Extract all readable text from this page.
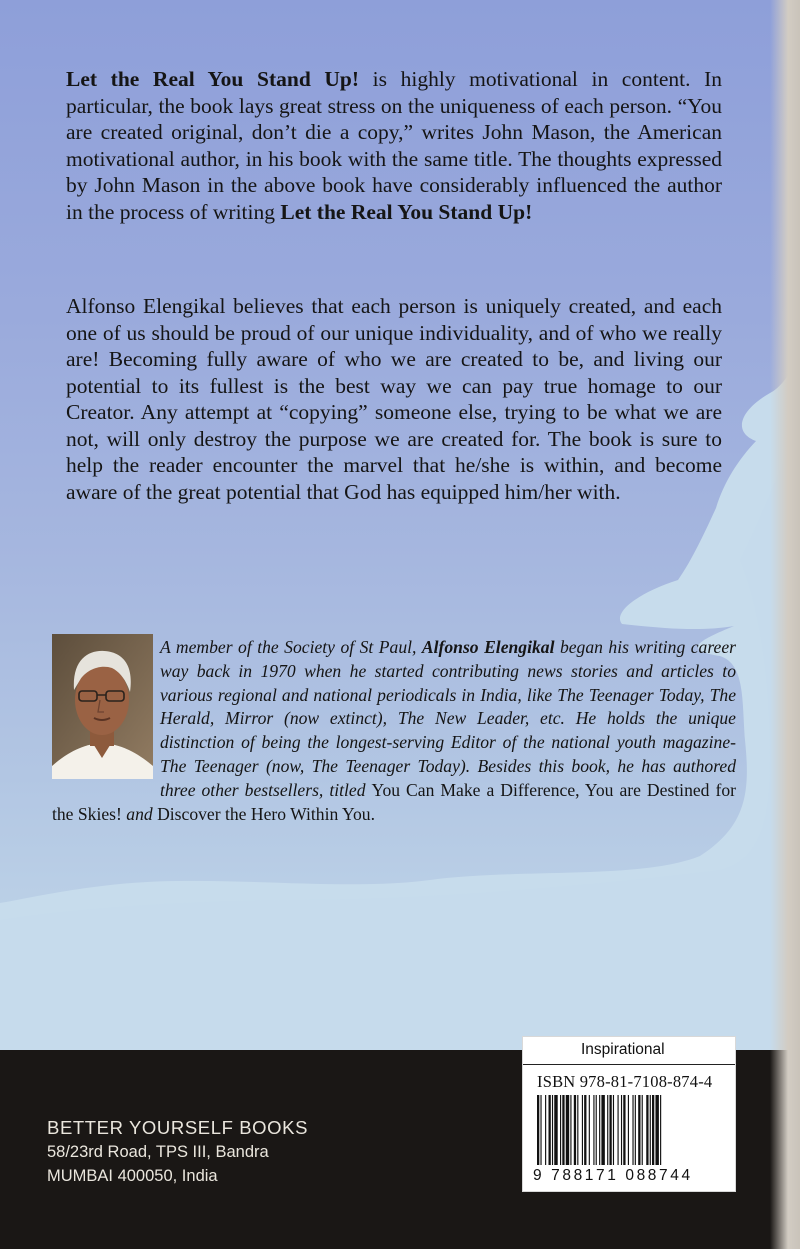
Let the Real You Stand Up! is highly motivational in content. In particular, the book lays great stress on the uniqueness of each person. “You are created original, don’t die a copy,” writes John Mason, the American motivational author, in his book with the same title. The thoughts expressed by John Mason in the above book have considerably influenced the author in the process of writing Let the Real You Stand Up!

Alfonso Elengikal believes that each person is uniquely created, and each one of us should be proud of our unique individuality, and of who we really are! Becoming fully aware of who we are created to be, and living our potential to its fullest is the best way we can pay true homage to our Creator. Any attempt at “copying” someone else, trying to be what we are not, will only destroy the purpose we are created for. The book is sure to help the reader encounter the marvel that he/she is within, and become aware of the great potential that God has equipped him/her with.

A member of the Society of St Paul, Alfonso Elengikal began his writing career way back in 1970 when he started contributing news stories and articles to various regional and national periodicals in India, like The Teenager Today, The Herald, Mirror (now extinct), The New Leader, etc. He holds the unique distinction of being the longest-serving Editor of the national youth magazine-The Teenager (now, The Teenager Today). Besides this book, he has authored three other bestsellers, titled You Can Make a Difference, You are Destined for the Skies! and Discover the Hero Within You.

BETTER YOURSELF BOOKS
58/23rd Road, TPS III, Bandra
MUMBAI 400050, India
Inspirational
ISBN 978-81-7108-874-4
9 788171 088744
